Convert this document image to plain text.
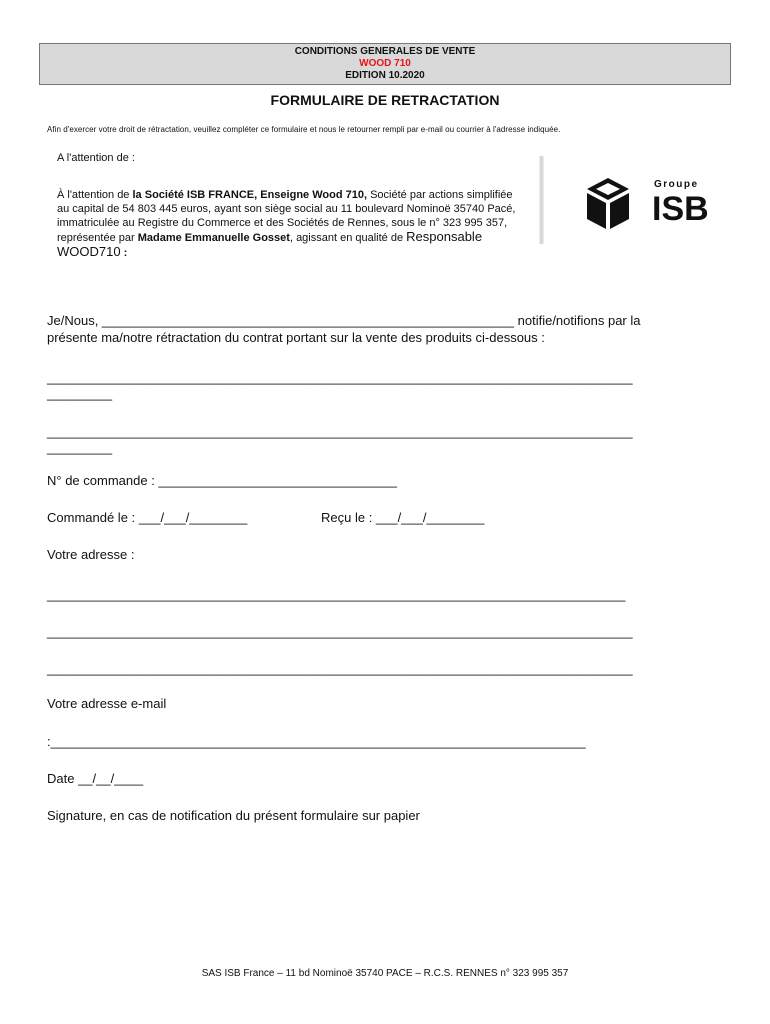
CONDITIONS GENERALES DE VENTE
WOOD 710
EDITION 10.2020
FORMULAIRE DE RETRACTATION
Afin d'exercer votre droit de rétractation, veuillez compléter ce formulaire et nous le retourner rempli par e-mail ou courrier à l'adresse indiquée.
A l'attention de :
À l'attention de la Société ISB FRANCE, Enseigne Wood 710, Société par actions simplifiée au capital de 54 803 445 euros, ayant son siège social au 11 boulevard Nominoë 35740 Pacé, immatriculée au Registre du Commerce et des Sociétés de Rennes, sous le n° 323 995 357, représentée par Madame Emmanuelle Gosset, agissant en qualité de Responsable WOOD710 :
Groupe
ISB
Je/Nous, _________________________________________________________ notifie/notifions par la
présente ma/notre rétractation du contrat portant sur la vente des produits ci-dessous :
_________________________________________________________________________________
_________
_________________________________________________________________________________
_________
N° de commande : _________________________________
Commandé le : ___/___/________	Reçu le : ___/___/________
Votre adresse :
________________________________________________________________________________
_________________________________________________________________________________
_________________________________________________________________________________
Votre adresse e-mail
:__________________________________________________________________________
Date __/__/____
Signature, en cas de notification du présent formulaire sur papier
SAS ISB France – 11 bd Nominoë 35740 PACE – R.C.S. RENNES n° 323 995 357
